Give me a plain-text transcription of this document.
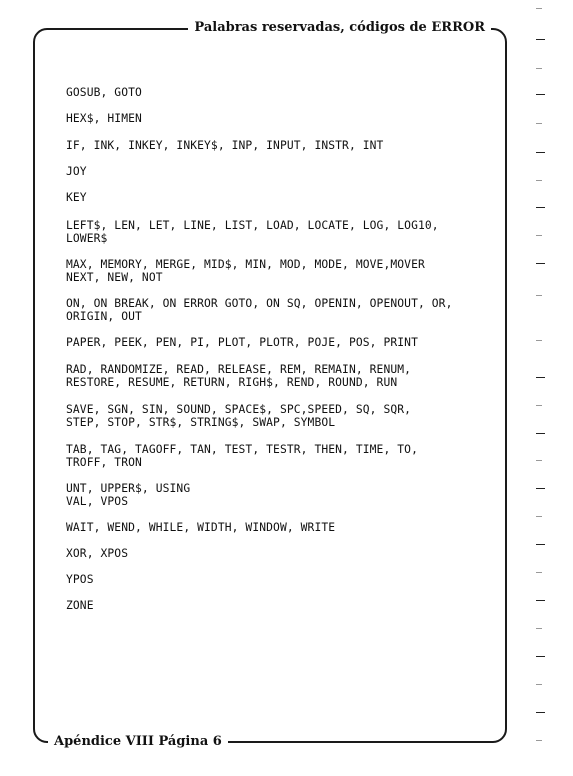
Palabras reservadas, códigos de ERROR
Apéndice VIII Página 6
GOSUB, GOTO
HEX$, HIMEN
IF, INK, INKEY, INKEY$, INP, INPUT, INSTR, INT
JOY
KEY
LEFT$, LEN, LET, LINE, LIST, LOAD, LOCATE, LOG, LOG10,
LOWER$
MAX, MEMORY, MERGE, MID$, MIN, MOD, MODE, MOVE,MOVER
NEXT, NEW, NOT
ON, ON BREAK, ON ERROR GOTO, ON SQ, OPENIN, OPENOUT, OR,
ORIGIN, OUT
PAPER, PEEK, PEN, PI, PLOT, PLOTR, POJE, POS, PRINT
RAD, RANDOMIZE, READ, RELEASE, REM, REMAIN, RENUM,
RESTORE, RESUME, RETURN, RIGH$, REND, ROUND, RUN
SAVE, SGN, SIN, SOUND, SPACE$, SPC,SPEED, SQ, SQR,
STEP, STOP, STR$, STRING$, SWAP, SYMBOL
TAB, TAG, TAGOFF, TAN, TEST, TESTR, THEN, TIME, TO,
TROFF, TRON
UNT, UPPER$, USING
VAL, VPOS
WAIT, WEND, WHILE, WIDTH, WINDOW, WRITE
XOR, XPOS
YPOS
ZONE
